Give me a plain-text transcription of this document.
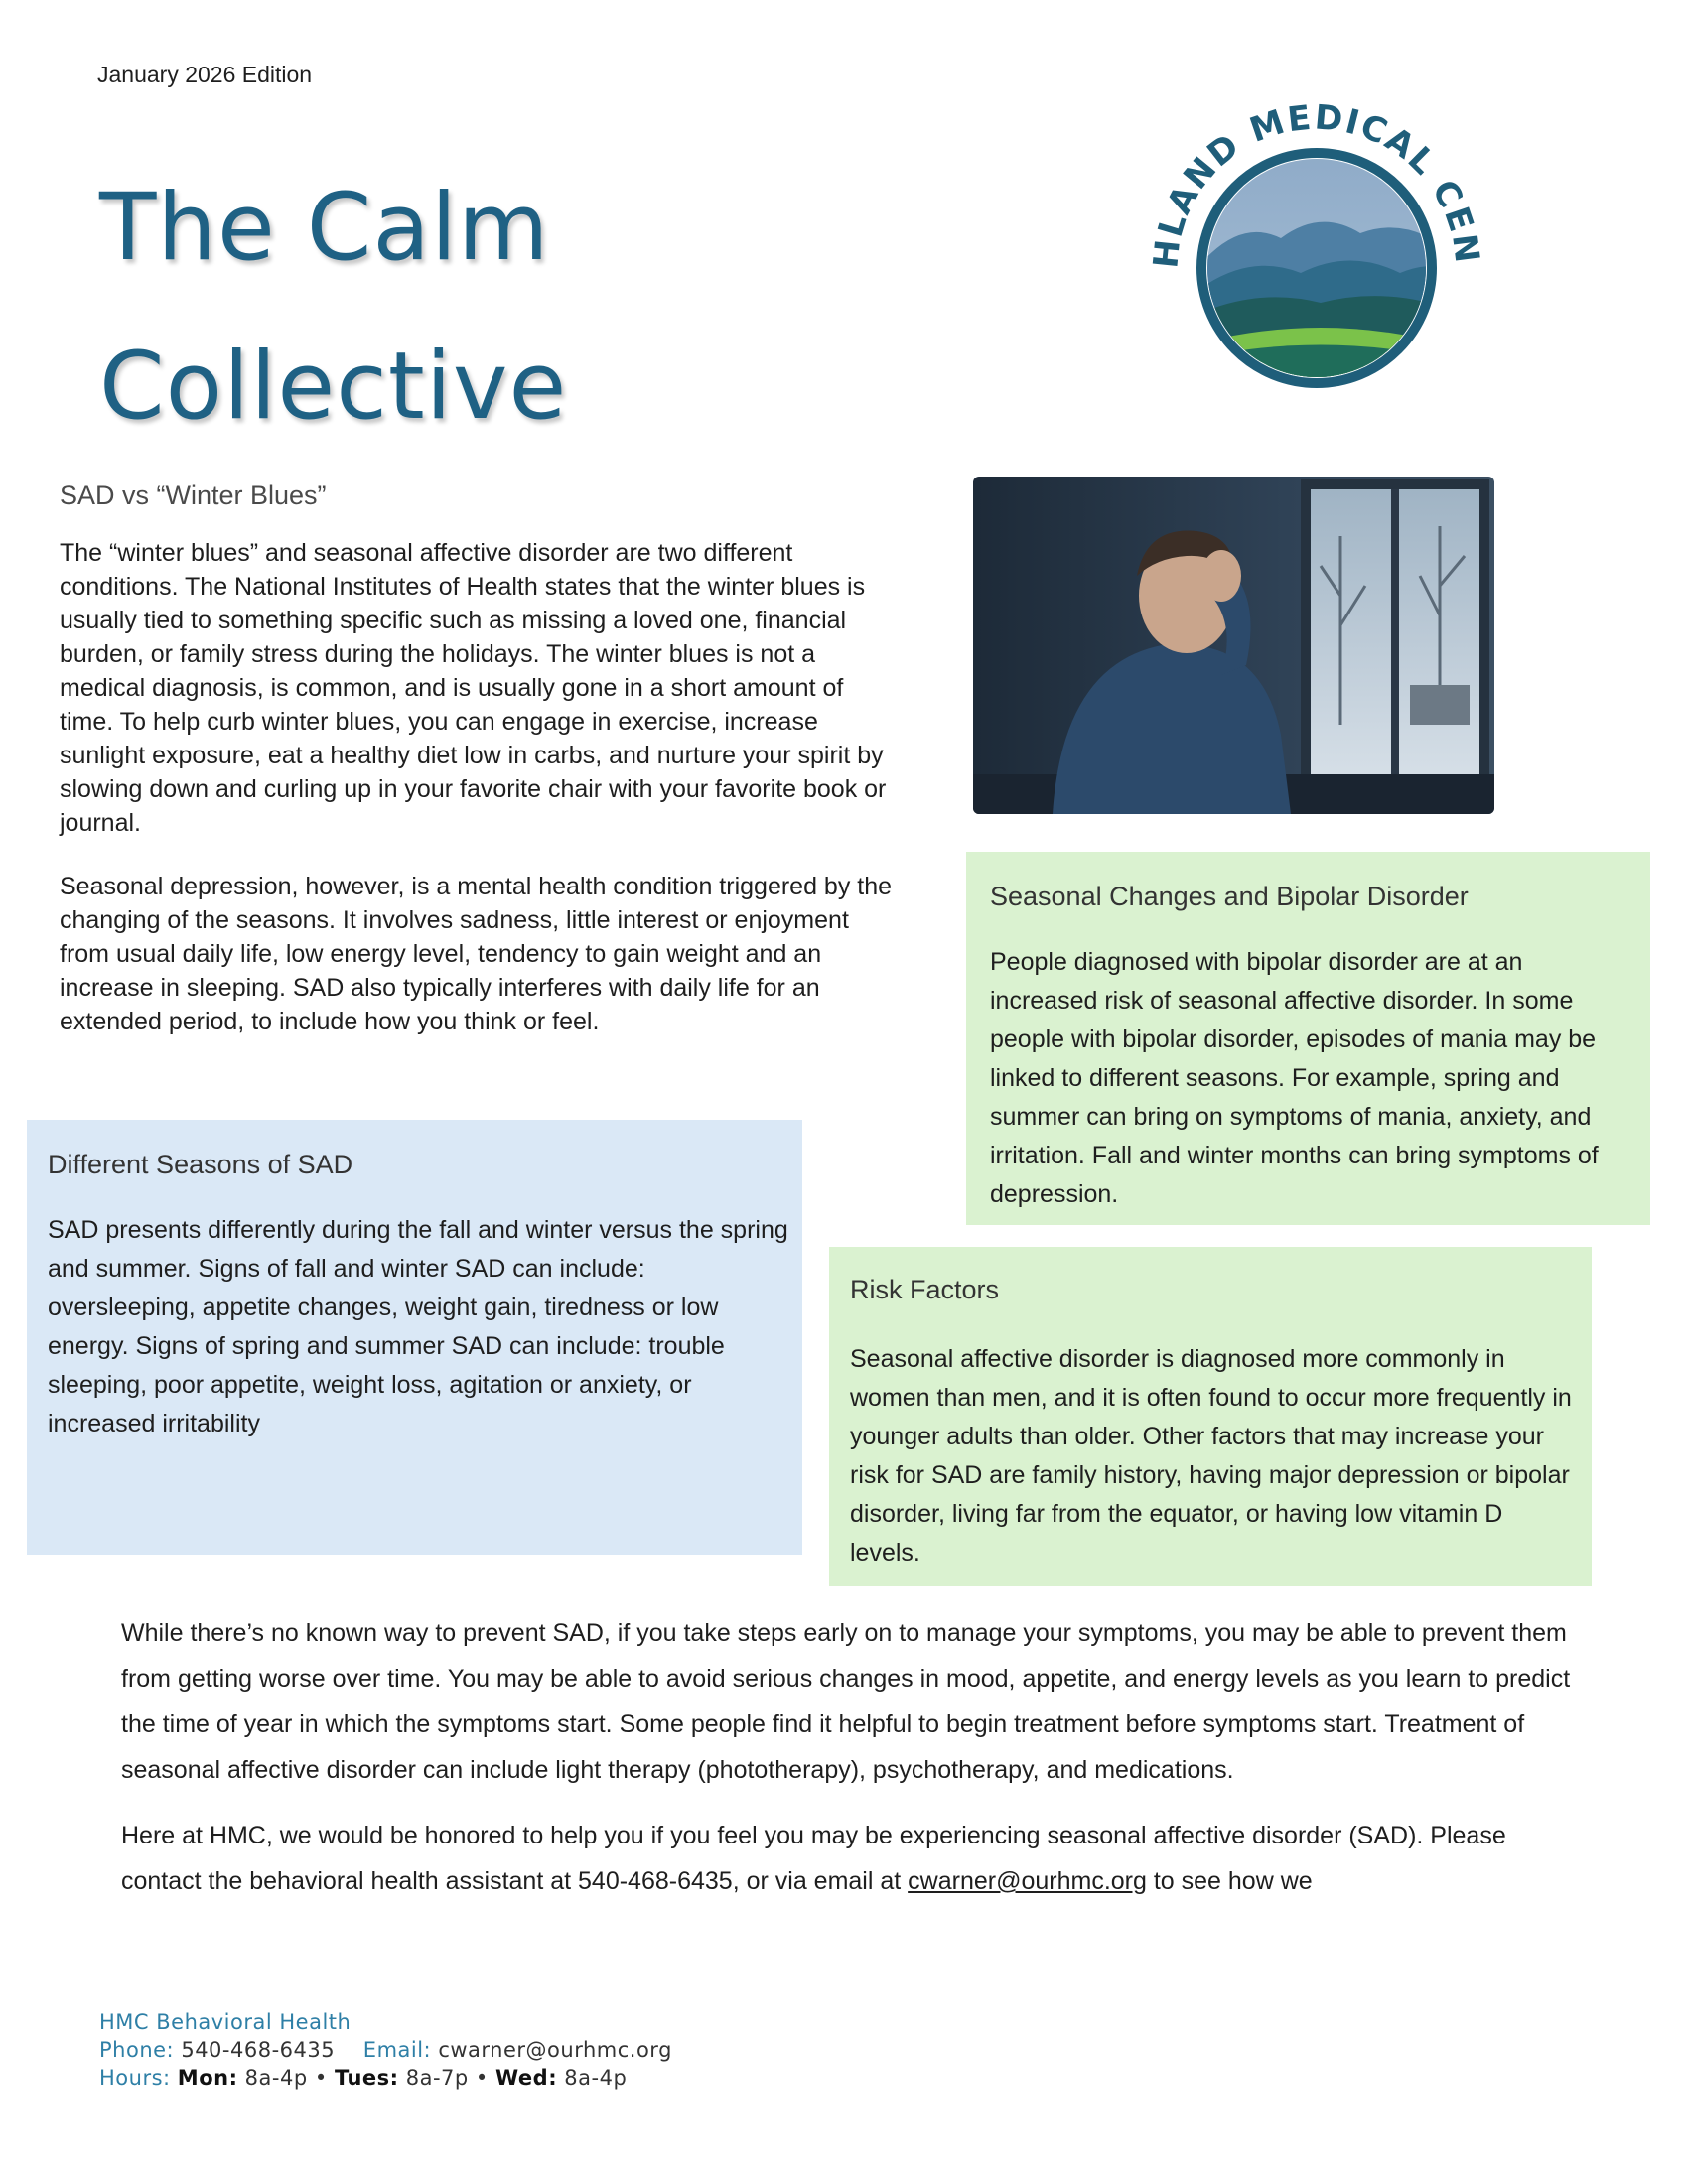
January 2026 Edition
The Calm
Collective
HLAND MEDICAL CEN
SAD vs “Winter Blues”
The “winter blues” and seasonal affective disorder are two different conditions. The National Institutes of Health states that the winter blues is usually tied to something specific such as missing a loved one, financial burden, or family stress during the holidays. The winter blues is not a medical diagnosis, is common, and is usually gone in a short amount of time. To help curb winter blues, you can engage in exercise, increase sunlight exposure, eat a healthy diet low in carbs, and nurture your spirit by slowing down and curling up in your favorite chair with your favorite book or journal.
Seasonal depression, however, is a mental health condition triggered by the changing of the seasons. It involves sadness, little interest or enjoyment from usual daily life, low energy level, tendency to gain weight and an increase in sleeping. SAD also typically interferes with daily life for an extended period, to include how you think or feel.
Seasonal Changes and Bipolar Disorder
People diagnosed with bipolar disorder are at an increased risk of seasonal affective disorder. In some people with bipolar disorder, episodes of mania may be linked to different seasons. For example, spring and summer can bring on symptoms of mania, anxiety, and irritation. Fall and winter months can bring symptoms of depression.
Different Seasons of SAD
SAD presents differently during the fall and winter versus the spring and summer. Signs of fall and winter SAD can include: oversleeping, appetite changes, weight gain, tiredness or low energy. Signs of spring and summer SAD can include: trouble sleeping, poor appetite, weight loss, agitation or anxiety, or increased irritability
Risk Factors
Seasonal affective disorder is diagnosed more commonly in women than men, and it is often found to occur more frequently in younger adults than older. Other factors that may increase your risk for SAD are family history, having major depression or bipolar disorder, living far from the equator, or having low vitamin D levels.

While there’s no known way to prevent SAD, if you take steps early on to manage your symptoms, you may be able to prevent them from getting worse over time. You may be able to avoid serious changes in mood, appetite, and energy levels as you learn to predict the time of year in which the symptoms start. Some people find it helpful to begin treatment before symptoms start. Treatment of seasonal affective disorder can include light therapy (phototherapy), psychotherapy, and medications.

Here at HMC, we would be honored to help you if you feel you may be experiencing seasonal affective disorder (SAD). Please contact the behavioral health assistant at 540-468-6435, or via email at cwarner@ourhmc.org to see how we

HMC Behavioral Health
Phone: 540-468-6435 Email: cwarner@ourhmc.org
Hours: Mon: 8a-4p • Tues: 8a-7p • Wed: 8a-4p
